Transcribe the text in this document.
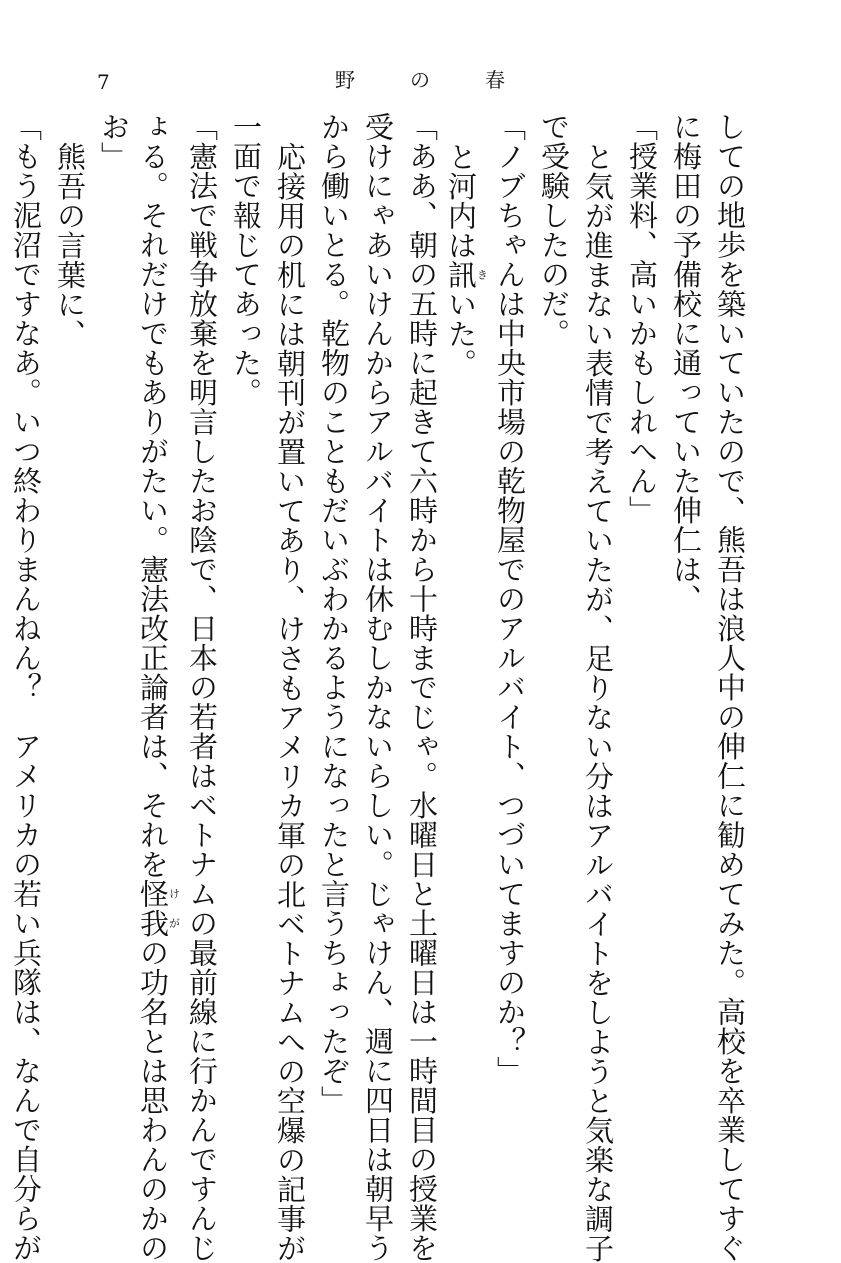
7	野	の	春
しての地歩を築いていたので、熊吾は浪人中の伸仁に勧めてみた。高校を卒業してすぐ
に梅田の予備校に通っていた伸仁は、
「授業料、高いかもしれへん」
と気が進まない表情で考えていたが、足りない分はアルバイトをしようと気楽な調子
で受験したのだ。
「ノブちゃんは中央市場の乾物屋でのアルバイト、つづいてますのか？」
と河内は訊きいた。
「ああ、朝の五時に起きて六時から十時までじゃ。水曜日と土曜日は一時間目の授業を
受けにゃあいけんからアルバイトは休むしかないらしい。じゃけん、週に四日は朝早う
から働いとる。乾物のこともだいぶわかるようになったと言うちょったぞ」
応接用の机には朝刊が置いてあり、けさもアメリカ軍の北ベトナムへの空爆の記事が
一面で報じてあった。
「憲法で戦争放棄を明言したお陰で、日本の若者はベトナムの最前線に行かんですんじ
ょる。それだけでもありがたい。憲法改正論者は、それを怪我けがの功名とは思わんのかの
お」
熊吾の言葉に、
「もう泥沼ですなあ。いつ終わりまんねん？　アメリカの若い兵隊は、なんで自分らが
